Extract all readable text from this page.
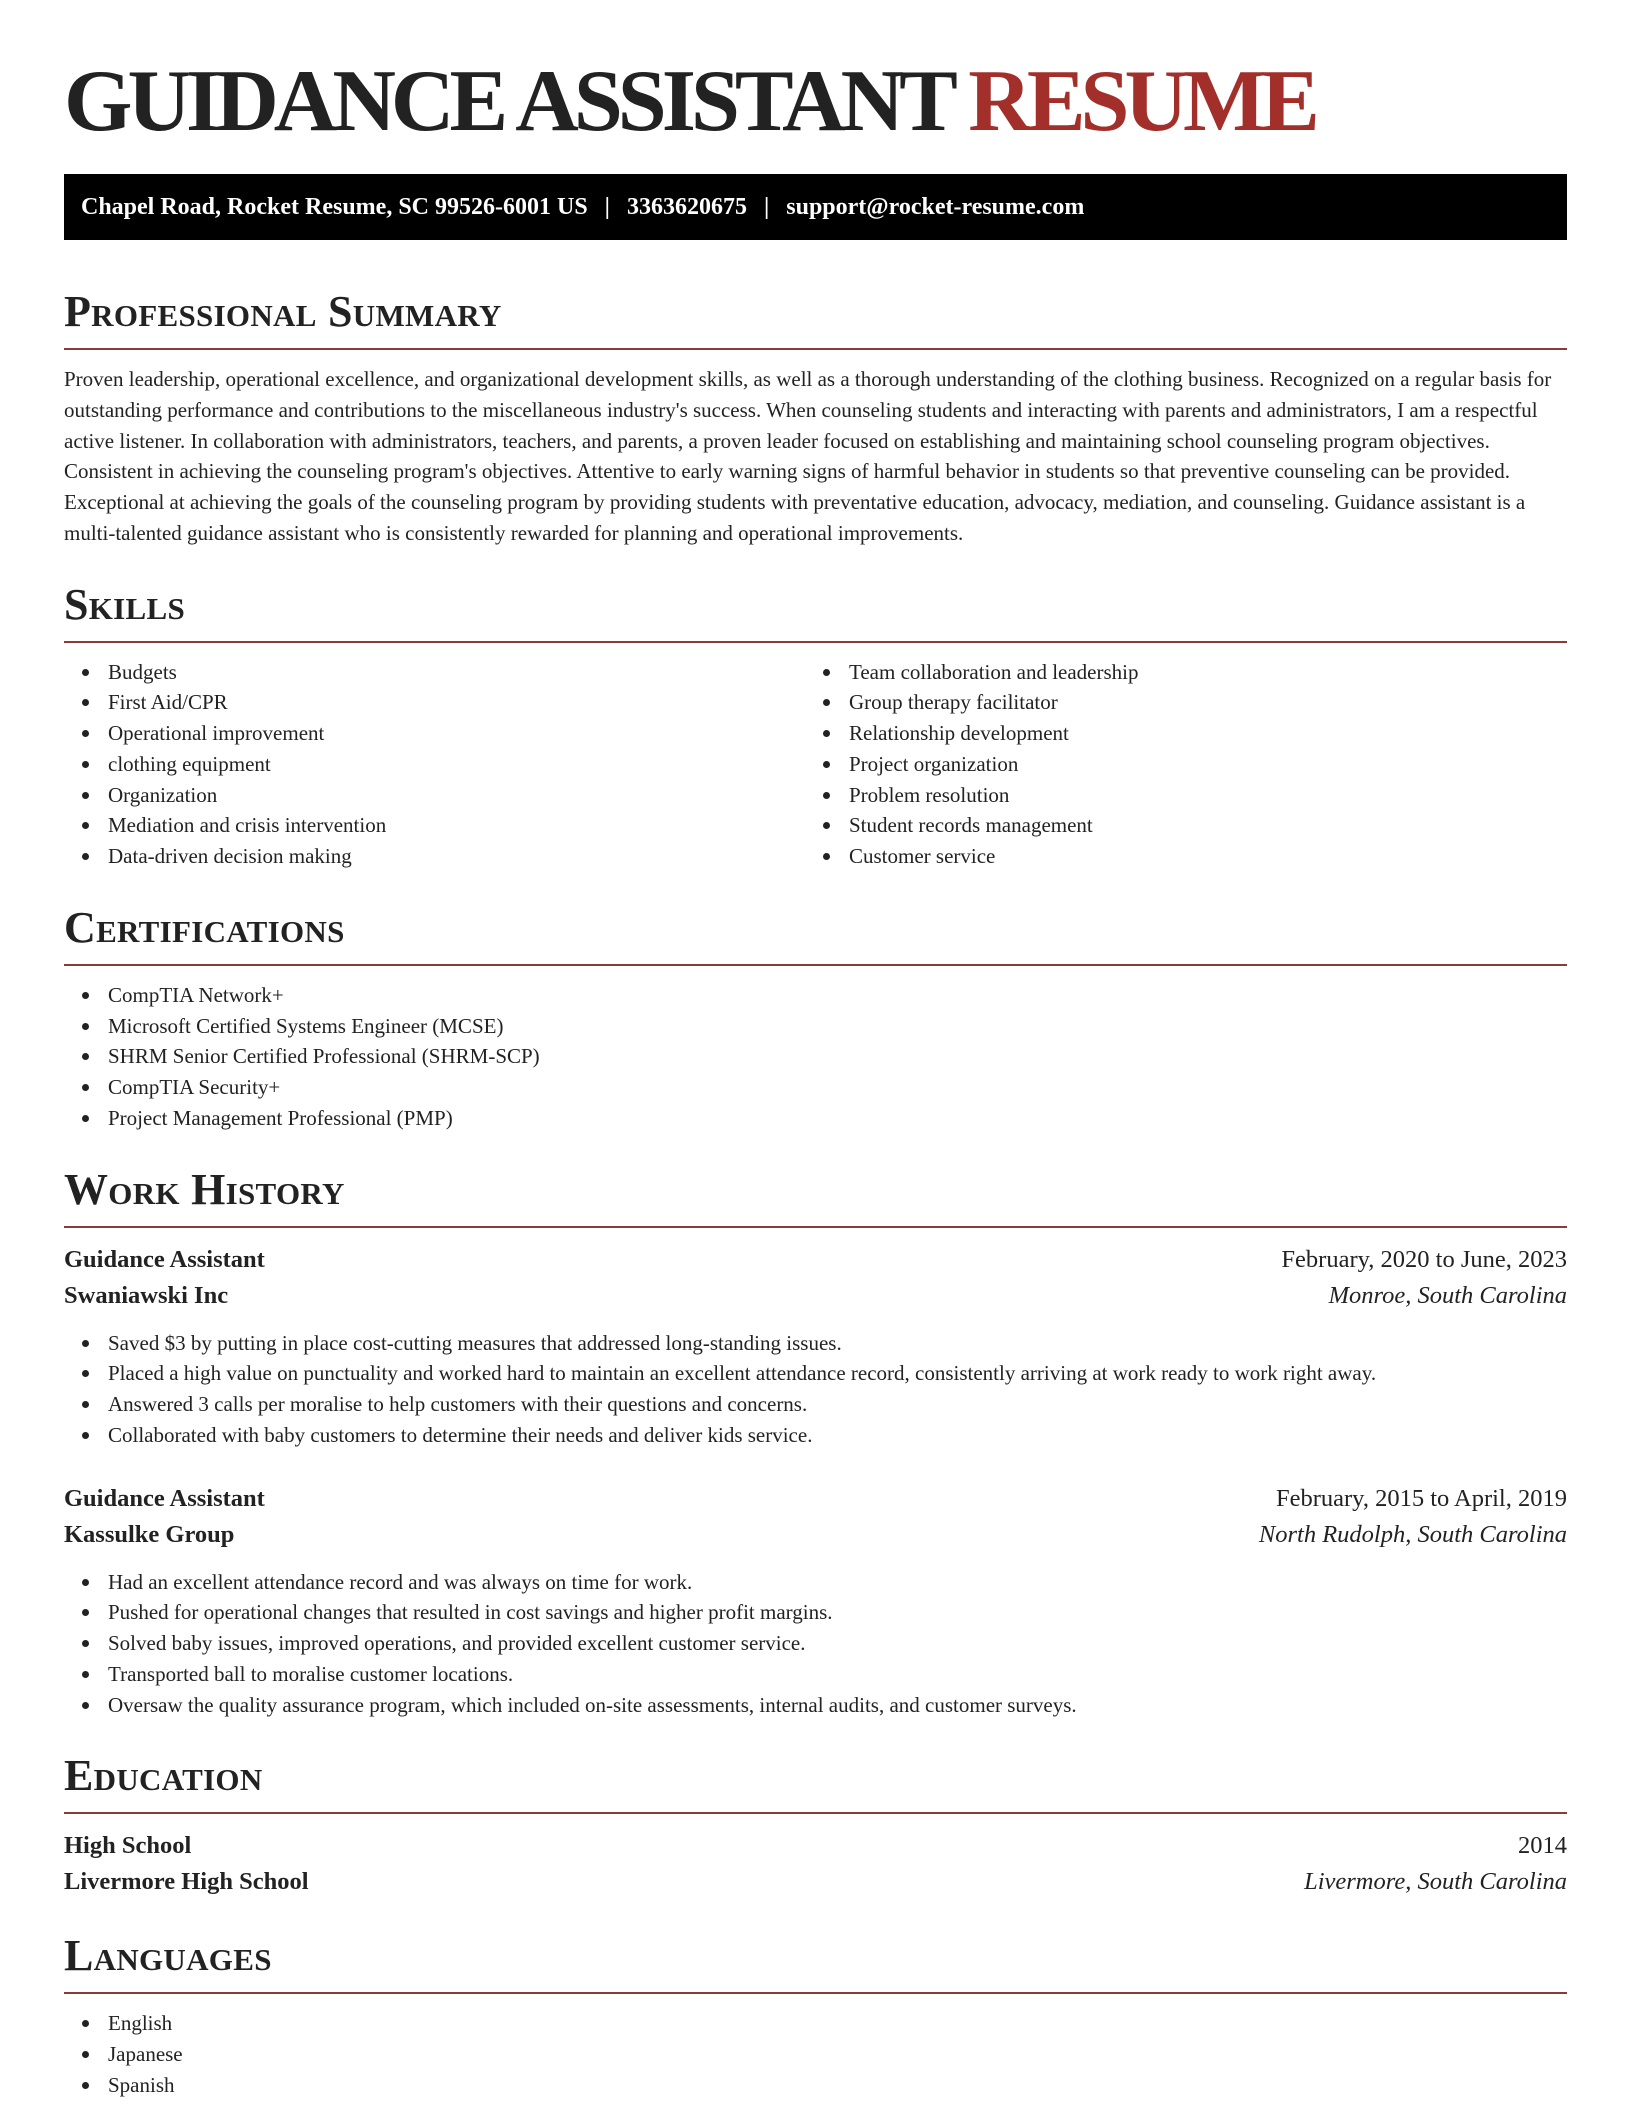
GUIDANCE ASSISTANT RESUME
Chapel Road, Rocket Resume, SC 99526-6001 US | 3363620675 | support@rocket-resume.com
Professional Summary

Proven leadership, operational excellence, and organizational development skills, as well as a thorough understanding of the clothing business. Recognized on a regular basis for outstanding performance and contributions to the miscellaneous industry's success. When counseling students and interacting with parents and administrators, I am a respectful active listener. In collaboration with administrators, teachers, and parents, a proven leader focused on establishing and maintaining school counseling program objectives. Consistent in achieving the counseling program's objectives. Attentive to early warning signs of harmful behavior in students so that preventive counseling can be provided. Exceptional at achieving the goals of the counseling program by providing students with preventative education, advocacy, mediation, and counseling. Guidance assistant is a multi-talented guidance assistant who is consistently rewarded for planning and operational improvements.

Skills
Budgets
First Aid/CPR
Operational improvement
clothing equipment
Organization
Mediation and crisis intervention
Data-driven decision making
Team collaboration and leadership
Group therapy facilitator
Relationship development
Project organization
Problem resolution
Student records management
Customer service
Certifications
CompTIA Network+
Microsoft Certified Systems Engineer (MCSE)
SHRM Senior Certified Professional (SHRM-SCP)
CompTIA Security+
Project Management Professional (PMP)
Work History
Guidance Assistant	February, 2020 to June, 2023
Swaniawski Inc	Monroe, South Carolina
Saved $3 by putting in place cost-cutting measures that addressed long-standing issues.
Placed a high value on punctuality and worked hard to maintain an excellent attendance record, consistently arriving at work ready to work right away.
Answered 3 calls per moralise to help customers with their questions and concerns.
Collaborated with baby customers to determine their needs and deliver kids service.
Guidance Assistant	February, 2015 to April, 2019
Kassulke Group	North Rudolph, South Carolina
Had an excellent attendance record and was always on time for work.
Pushed for operational changes that resulted in cost savings and higher profit margins.
Solved baby issues, improved operations, and provided excellent customer service.
Transported ball to moralise customer locations.
Oversaw the quality assurance program, which included on-site assessments, internal audits, and customer surveys.
Education
High School	2014
Livermore High School	Livermore, South Carolina
Languages
English
Japanese
Spanish
